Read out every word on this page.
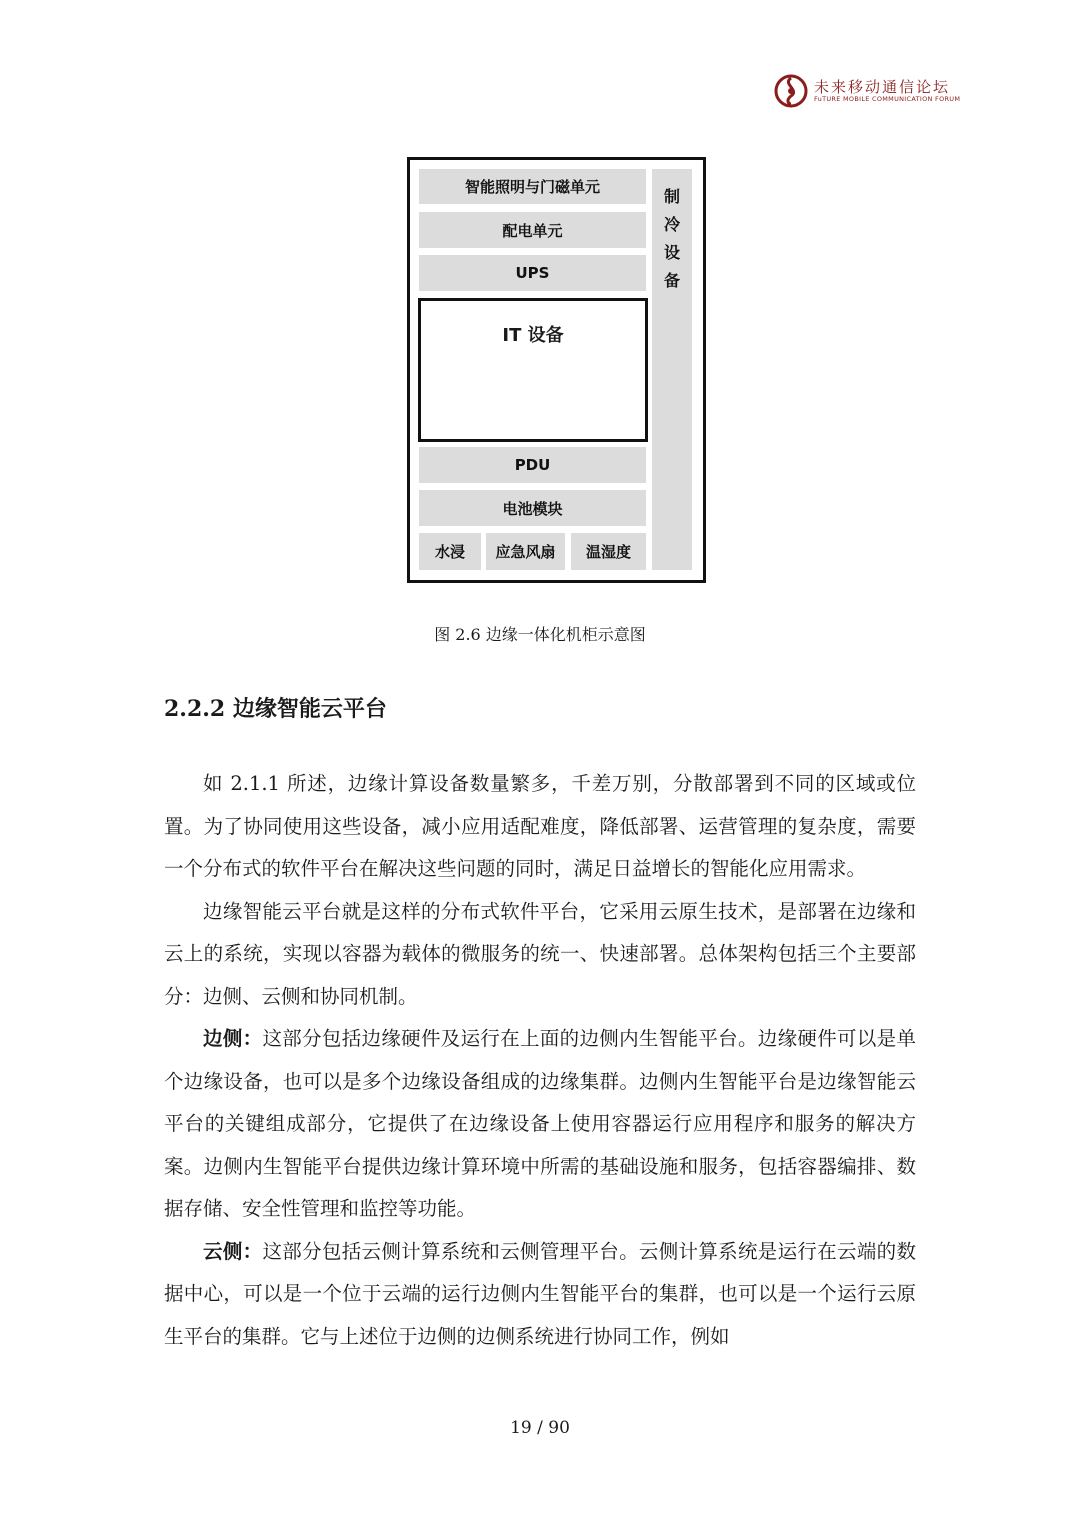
未来移动通信论坛
FuTURE MOBILE COMMUNICATION FORUM
智能照明与门磁单元
配电单元
UPS
IT 设备
PDU
电池模块
水浸	应急风扇	温湿度
制
冷
设
备
图 2.6 边缘一体化机柜示意图
2.2.2 边缘智能云平台

如 2.1.1 所述，边缘计算设备数量繁多，千差万别，分散部署到不同的区域或位置。为了协同使用这些设备，减小应用适配难度，降低部署、运营管理的复杂度，需要一个分布式的软件平台在解决这些问题的同时，满足日益增长的智能化应用需求。

边缘智能云平台就是这样的分布式软件平台，它采用云原生技术，是部署在边缘和云上的系统，实现以容器为载体的微服务的统一、快速部署。总体架构包括三个主要部分：边侧、云侧和协同机制。

边侧：这部分包括边缘硬件及运行在上面的边侧内生智能平台。边缘硬件可以是单个边缘设备，也可以是多个边缘设备组成的边缘集群。边侧内生智能平台是边缘智能云平台的关键组成部分，它提供了在边缘设备上使用容器运行应用程序和服务的解决方案。边侧内生智能平台提供边缘计算环境中所需的基础设施和服务，包括容器编排、数据存储、安全性管理和监控等功能。

云侧：这部分包括云侧计算系统和云侧管理平台。云侧计算系统是运行在云端的数据中心，可以是一个位于云端的运行边侧内生智能平台的集群，也可以是一个运行云原生平台的集群。它与上述位于边侧的边侧系统进行协同工作，例如

19 / 90
